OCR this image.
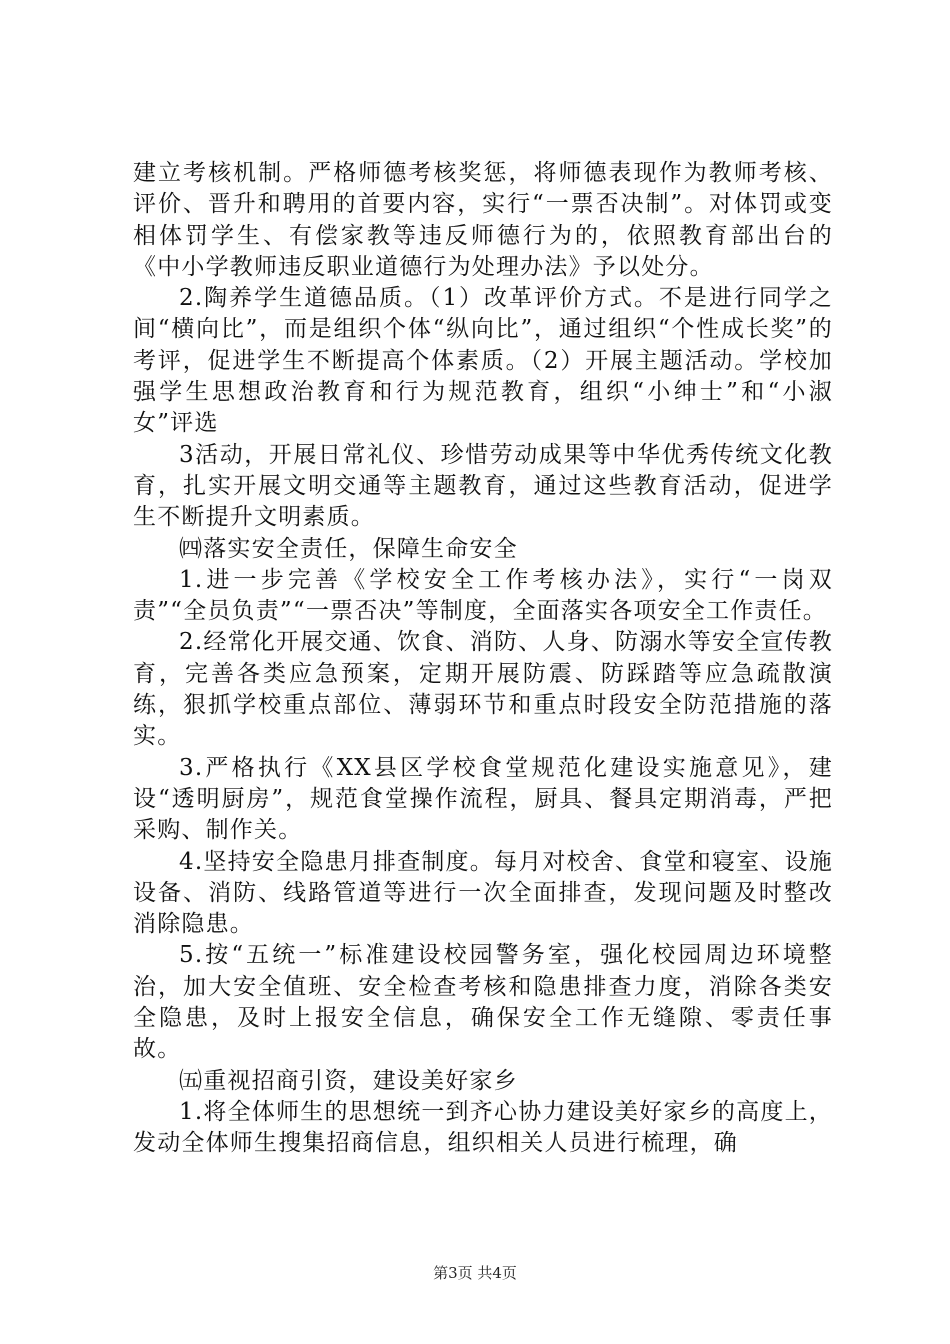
建立考核机制。严格师德考核奖惩，将师德表现作为教师考核、评价、晋升和聘用的首要内容，实行“一票否决制”。对体罚或变相体罚学生、有偿家教等违反师德行为的，依照教育部出台的《中小学教师违反职业道德行为处理办法》予以处分。

2.陶养学生道德品质。（1）改革评价方式。不是进行同学之间“横向比”，而是组织个体“纵向比”，通过组织“个性成长奖”的考评，促进学生不断提高个体素质。（2）开展主题活动。学校加强学生思想政治教育和行为规范教育，组织“小绅士”和“小淑女”评选

3活动，开展日常礼仪、珍惜劳动成果等中华优秀传统文化教育，扎实开展文明交通等主题教育，通过这些教育活动，促进学生不断提升文明素质。

㈣落实安全责任，保障生命安全

1.进一步完善《学校安全工作考核办法》，实行“一岗双责”“全员负责”“一票否决”等制度，全面落实各项安全工作责任。

2.经常化开展交通、饮食、消防、人身、防溺水等安全宣传教育，完善各类应急预案，定期开展防震、防踩踏等应急疏散演练，狠抓学校重点部位、薄弱环节和重点时段安全防范措施的落实。

3.严格执行《XX县区学校食堂规范化建设实施意见》，建设“透明厨房”，规范食堂操作流程，厨具、餐具定期消毒，严把采购、制作关。

4.坚持安全隐患月排查制度。每月对校舍、食堂和寝室、设施设备、消防、线路管道等进行一次全面排查，发现问题及时整改消除隐患。

5.按“五统一”标准建设校园警务室，强化校园周边环境整治，加大安全值班、安全检查考核和隐患排查力度，消除各类安全隐患，及时上报安全信息，确保安全工作无缝隙、零责任事故。

㈤重视招商引资，建设美好家乡

1.将全体师生的思想统一到齐心协力建设美好家乡的高度上，发动全体师生搜集招商信息，组织相关人员进行梳理，确

第3页 共4页
